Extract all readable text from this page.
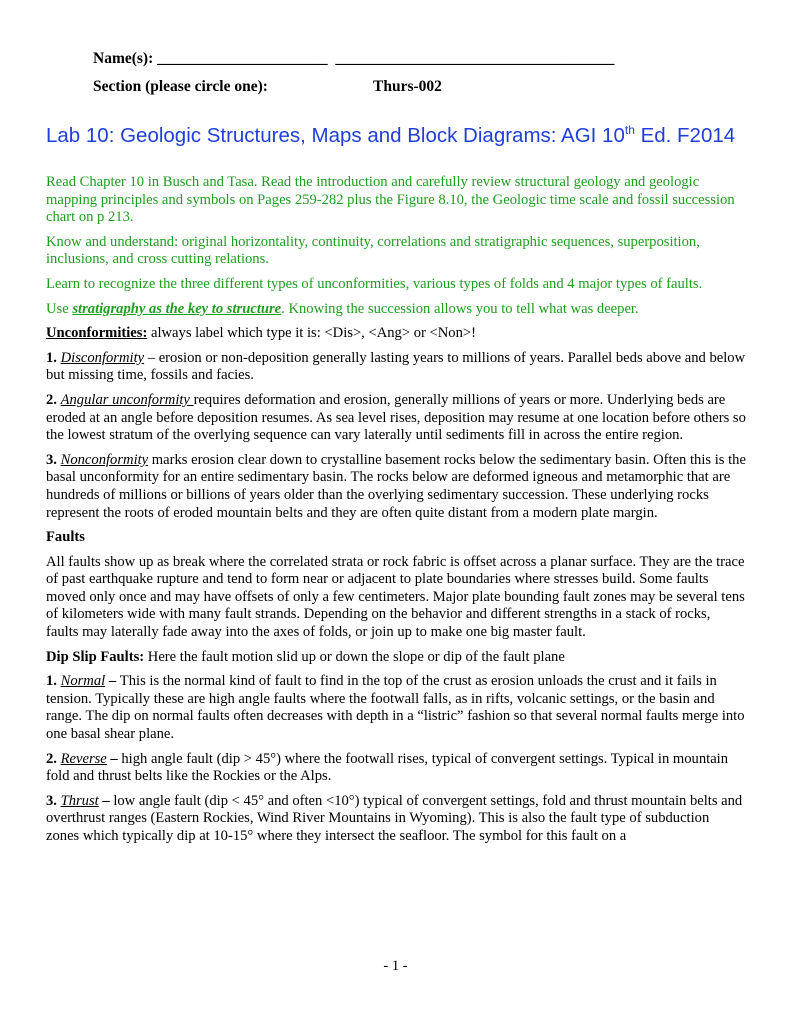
Name(s): ______________________  ____________________________________
Section (please circle one):	Thurs-002
Lab 10: Geologic Structures, Maps and Block Diagrams: AGI 10th Ed. F2014

Read Chapter 10 in Busch and Tasa. Read the introduction and carefully review structural geology and geologic mapping principles and symbols on Pages 259-282 plus the Figure 8.10, the Geologic time scale and fossil succession chart on p 213.

Know and understand: original horizontality, continuity, correlations and stratigraphic sequences, superposition, inclusions, and cross cutting relations.

Learn to recognize the three different types of unconformities, various types of folds and 4 major types of faults.

Use stratigraphy as the key to structure. Knowing the succession allows you to tell what was deeper.

Unconformities: always label which type it is: <Dis>, <Ang> or <Non>!

1. Disconformity – erosion or non-deposition generally lasting years to millions of years. Parallel beds above and below but missing time, fossils and facies.

2. Angular unconformity requires deformation and erosion, generally millions of years or more. Underlying beds are eroded at an angle before deposition resumes. As sea level rises, deposition may resume at one location before others so the lowest stratum of the overlying sequence can vary laterally until sediments fill in across the entire region.

3. Nonconformity marks erosion clear down to crystalline basement rocks below the sedimentary basin. Often this is the basal unconformity for an entire sedimentary basin. The rocks below are deformed igneous and metamorphic that are hundreds of millions or billions of years older than the overlying sedimentary succession. These underlying rocks represent the roots of eroded mountain belts and they are often quite distant from a modern plate margin.

Faults

All faults show up as break where the correlated strata or rock fabric is offset across a planar surface. They are the trace of past earthquake rupture and tend to form near or adjacent to plate boundaries where stresses build. Some faults moved only once and may have offsets of only a few centimeters. Major plate bounding fault zones may be several tens of kilometers wide with many fault strands. Depending on the behavior and different strengths in a stack of rocks, faults may laterally fade away into the axes of folds, or join up to make one big master fault.

Dip Slip Faults: Here the fault motion slid up or down the slope or dip of the fault plane

1. Normal – This is the normal kind of fault to find in the top of the crust as erosion unloads the crust and it fails in tension. Typically these are high angle faults where the footwall falls, as in rifts, volcanic settings, or the basin and range. The dip on normal faults often decreases with depth in a “listric” fashion so that several normal faults merge into one basal shear plane.

2. Reverse – high angle fault (dip > 45°) where the footwall rises, typical of convergent settings. Typical in mountain fold and thrust belts like the Rockies or the Alps.

3. Thrust – low angle fault (dip < 45° and often <10°) typical of convergent settings, fold and thrust mountain belts and overthrust ranges (Eastern Rockies, Wind River Mountains in Wyoming). This is also the fault type of subduction zones which typically dip at 10-15° where they intersect the seafloor. The symbol for this fault on a

- 1 -
